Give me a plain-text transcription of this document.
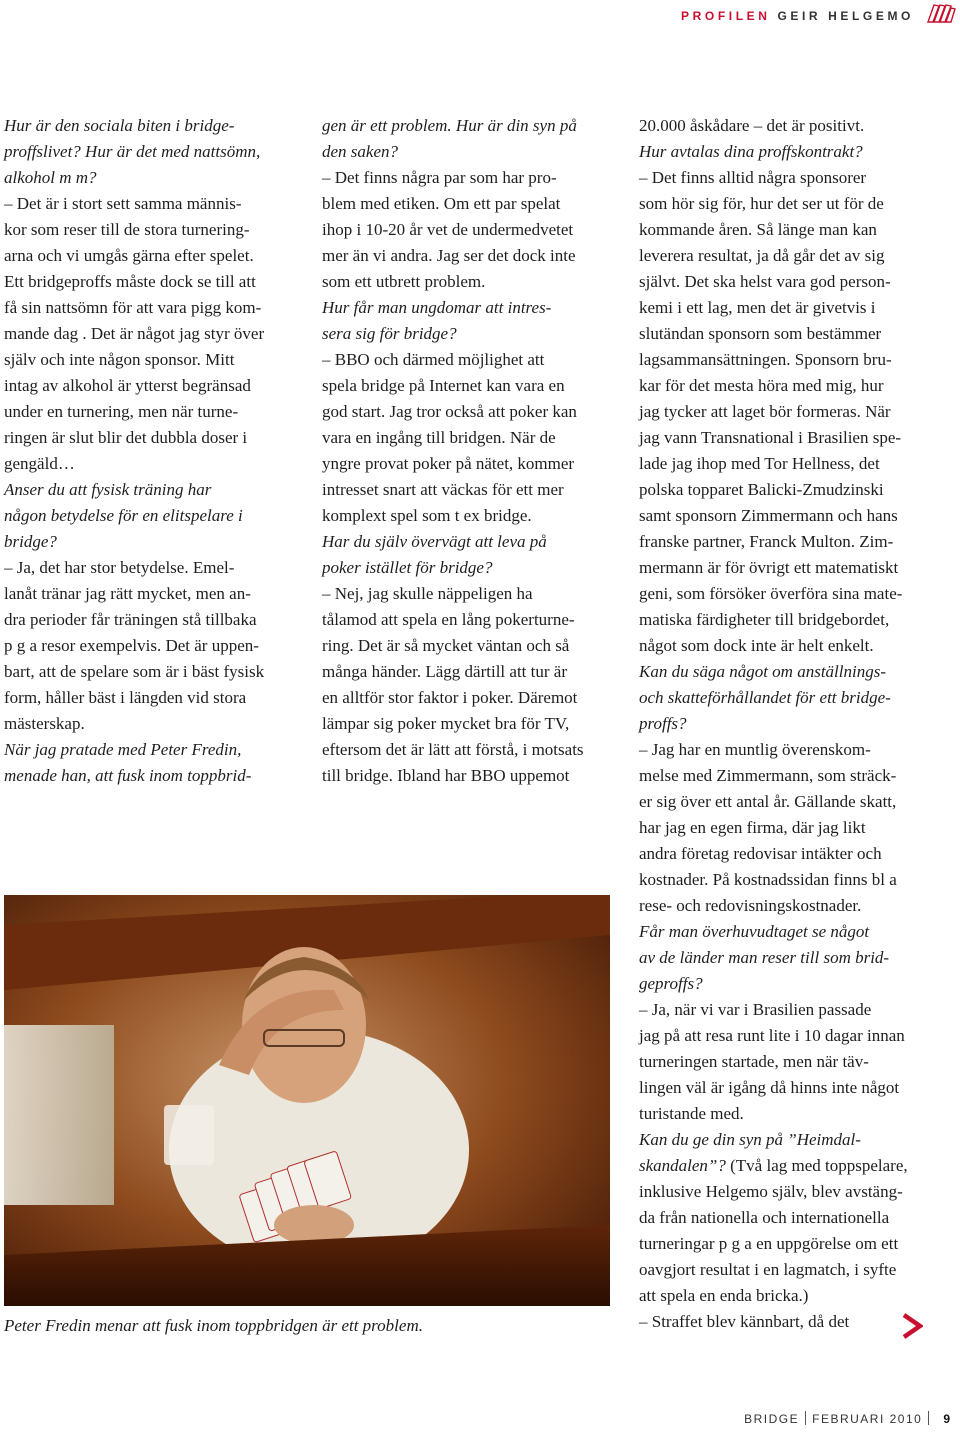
PROFILEN GEIR HELGEMO
Hur är den sociala biten i bridge-
proffslivet? Hur är det med nattsömn,
alkohol m m?
– Det är i stort sett samma männis-
kor som reser till de stora turnering-
arna och vi umgås gärna efter spelet.
Ett bridgeproffs måste dock se till att
få sin nattsömn för att vara pigg kom-
mande dag . Det är något jag styr över
själv och inte någon sponsor. Mitt
intag av alkohol är ytterst begränsad
under en turnering, men när turne-
ringen är slut blir det dubbla doser i
gengäld…
Anser du att fysisk träning har
någon betydelse för en elitspelare i
bridge?
– Ja, det har stor betydelse. Emel-
lanåt tränar jag rätt mycket, men an-
dra perioder får träningen stå tillbaka
p g a resor exempelvis. Det är uppen-
bart, att de spelare som är i bäst fysisk
form, håller bäst i längden vid stora
mästerskap.
När jag pratade med Peter Fredin,
menade han, att fusk inom toppbrid-
gen är ett problem. Hur är din syn på
den saken?
– Det finns några par som har pro-
blem med etiken. Om ett par spelat
ihop i 10-20 år vet de undermedvetet
mer än vi andra. Jag ser det dock inte
som ett utbrett problem.
Hur får man ungdomar att intres-
sera sig för bridge?
– BBO och därmed möjlighet att
spela bridge på Internet kan vara en
god start. Jag tror också att poker kan
vara en ingång till bridgen. När de
yngre provat poker på nätet, kommer
intresset snart att väckas för ett mer
komplext spel som t ex bridge.
Har du själv övervägt att leva på
poker istället för bridge?
– Nej, jag skulle näppeligen ha
tålamod att spela en lång pokerturne-
ring. Det är så mycket väntan och så
många händer. Lägg därtill att tur är
en alltför stor faktor i poker. Däremot
lämpar sig poker mycket bra för TV,
eftersom det är lätt att förstå, i motsats
till bridge. Ibland har BBO uppemot
20.000 åskådare – det är positivt.
Hur avtalas dina proffskontrakt?
– Det finns alltid några sponsorer
som hör sig för, hur det ser ut för de
kommande åren. Så länge man kan
leverera resultat, ja då går det av sig
självt. Det ska helst vara god person-
kemi i ett lag, men det är givetvis i
slutändan sponsorn som bestämmer
lagsammansättningen. Sponsorn bru-
kar för det mesta höra med mig, hur
jag tycker att laget bör formeras. När
jag vann Transnational i Brasilien spe-
lade jag ihop med Tor Hellness, det
polska topparet Balicki-Zmudzinski
samt sponsorn Zimmermann och hans
franske partner, Franck Multon. Zim-
mermann är för övrigt ett matematiskt
geni, som försöker överföra sina mate-
matiska färdigheter till bridgebordet,
något som dock inte är helt enkelt.
Kan du säga något om anställnings-
och skatteförhållandet för ett bridge-
proffs?
– Jag har en muntlig överenskom-
melse med Zimmermann, som sträck-
er sig över ett antal år. Gällande skatt,
har jag en egen firma, där jag likt
andra företag redovisar intäkter och
kostnader. På kostnadssidan finns bl a
rese- och redovisningskostnader.
Får man överhuvudtaget se något
av de länder man reser till som brid-
geproffs?
– Ja, när vi var i Brasilien passade
jag på att resa runt lite i 10 dagar innan
turneringen startade, men när täv-
lingen väl är igång då hinns inte något
turistande med.
Kan du ge din syn på ”Heimdal-
skandalen”? (Två lag med toppspelare,
inklusive Helgemo själv, blev avstäng-
da från nationella och internationella
turneringar p g a en uppgörelse om ett
oavgjort resultat i en lagmatch, i syfte
att spela en enda bricka.)
– Straffet blev kännbart, då det
Peter Fredin menar att fusk inom toppbridgen är ett problem.
BRIDGE FEBRUARI 2010 9
